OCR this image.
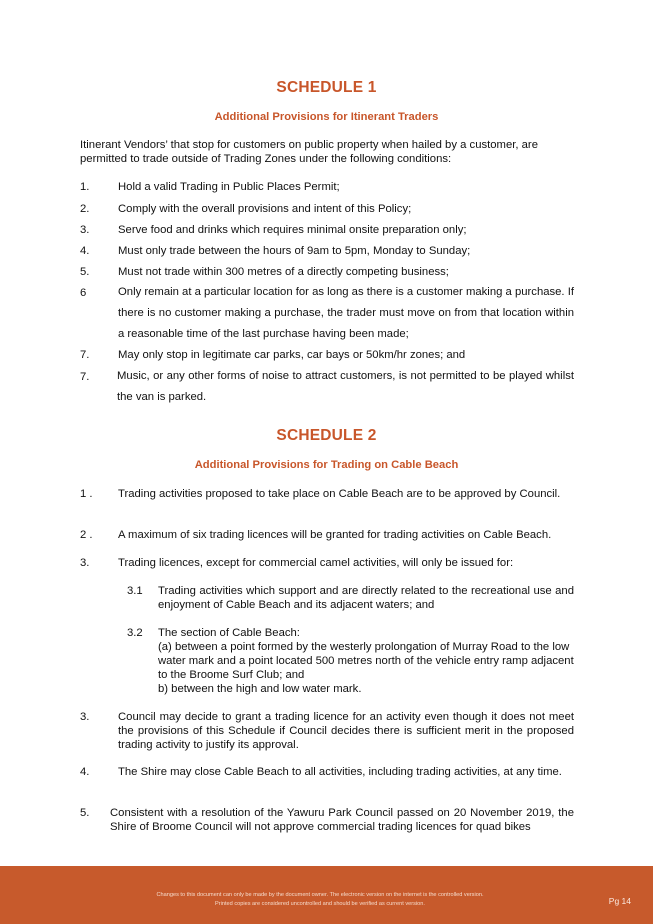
SCHEDULE 1
Additional Provisions for Itinerant Traders
Itinerant Vendors’ that stop for customers on public property when hailed by a customer, are permitted to trade outside of Trading Zones under the following conditions:
1.	Hold a valid Trading in Public Places Permit;
2.	Comply with the overall provisions and intent of this Policy;
3.	Serve food and drinks which requires minimal onsite preparation only;
4.	Must only trade between the hours of 9am to 5pm, Monday to Sunday;
5.	Must not trade within 300 metres of a directly competing business;
6	Only remain at a particular location for as long as there is a customer making a purchase. If there is no customer making a purchase, the trader must move on from that location within a reasonable time of the last purchase having been made;
7.	May only stop in legitimate car parks, car bays or 50km/hr zones; and
7. Music, or any other forms of noise to attract customers, is not permitted to be played whilst the van is parked.
SCHEDULE 2
Additional Provisions for Trading on Cable Beach
1 . Trading activities proposed to take place on Cable Beach are to be approved by Council.
2 . A maximum of six trading licences will be granted for trading activities on Cable Beach.
3.	Trading licences, except for commercial camel activities, will only be issued for:
3.1 Trading activities which support and are directly related to the recreational use and enjoyment of Cable Beach and its adjacent waters; and
3.2 The section of Cable Beach:
(a) between a point formed by the westerly prolongation of Murray Road to the low water mark and a point located 500 metres north of the vehicle entry ramp adjacent to the Broome Surf Club; and
b) between the high and low water mark.
3.	Council may decide to grant a trading licence for an activity even though it does not meet the provisions of this Schedule if Council decides there is sufficient merit in the proposed trading activity to justify its approval.
4.	The Shire may close Cable Beach to all activities, including trading activities, at any time.
5. Consistent with a resolution of the Yawuru Park Council passed on 20 November 2019, the Shire of Broome Council will not approve commercial trading licences for quad bikes
Changes to this document can only be made by the document owner. The electronic version on the internet is the controlled version.
Printed copies are considered uncontrolled and should be verified as current version.	Pg 14
